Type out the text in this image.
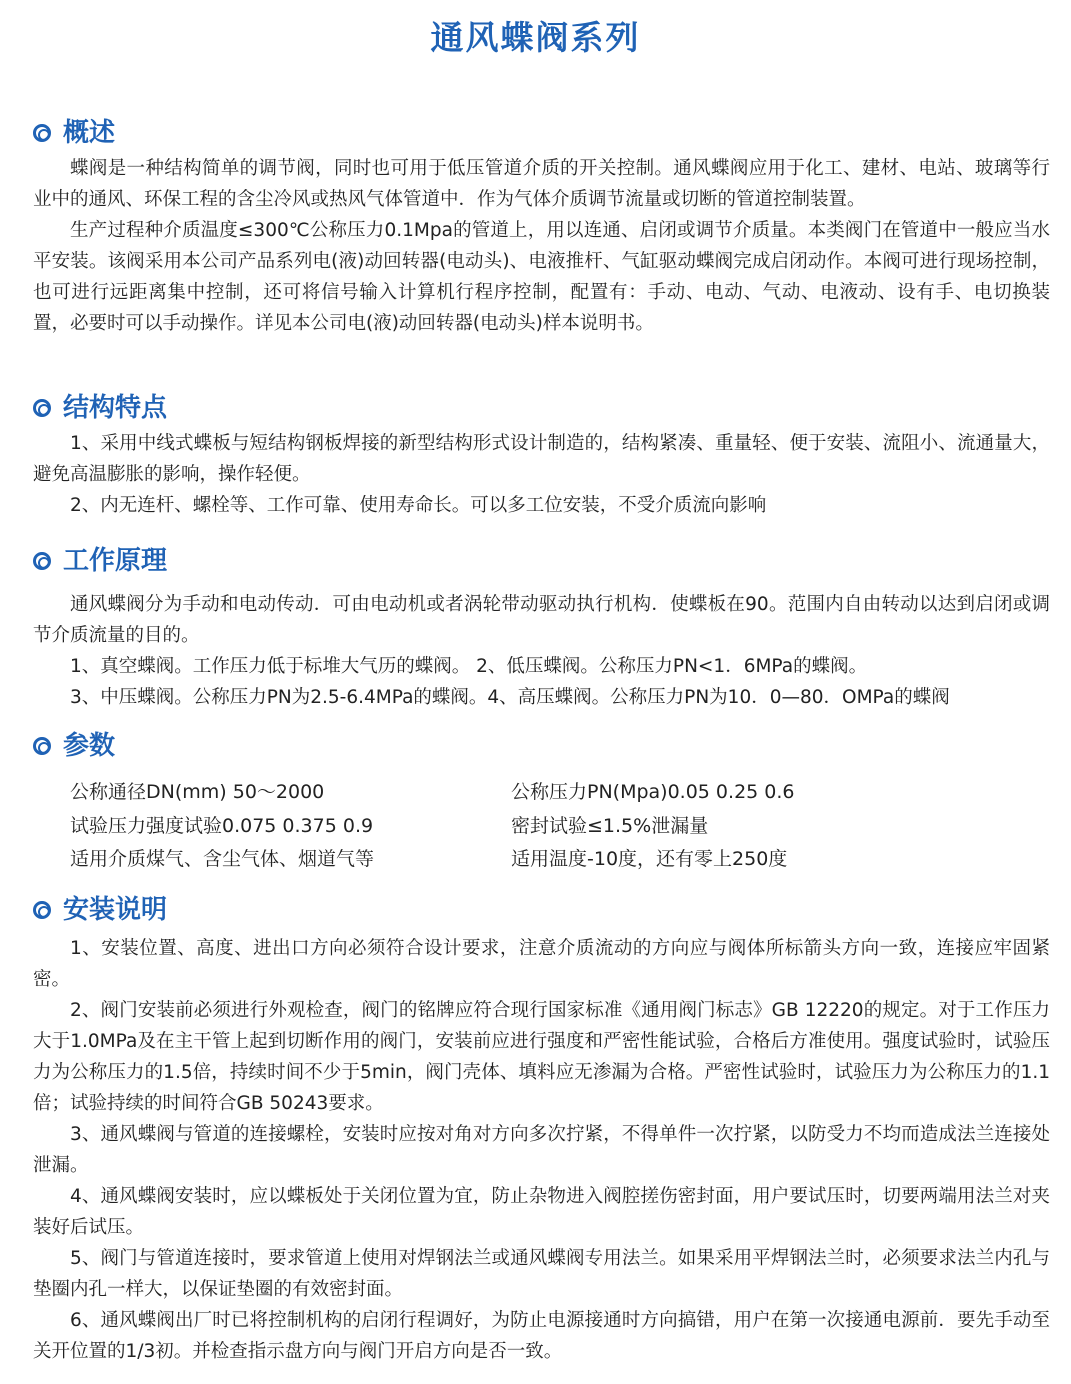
通风蝶阀系列
概述

蝶阀是一种结构简单的调节阀，同时也可用于低压管道介质的开关控制。通风蝶阀应用于化工、建材、电站、玻璃等行业中的通风、环保工程的含尘冷风或热风气体管道中．作为气体介质调节流量或切断的管道控制装置。

生产过程种介质温度≤300℃公称压力0.1Mpa的管道上，用以连通、启闭或调节介质量。本类阀门在管道中一般应当水平安装。该阀采用本公司产品系列电(液)动回转器(电动头)、电液推杆、气缸驱动蝶阀完成启闭动作。本阀可进行现场控制，也可进行远距离集中控制，还可将信号输入计算机行程序控制，配置有：手动、电动、气动、电液动、设有手、电切换装置，必要时可以手动操作。详见本公司电(液)动回转器(电动头)样本说明书。

结构特点

1、采用中线式蝶板与短结构钢板焊接的新型结构形式设计制造的，结构紧凑、重量轻、便于安装、流阻小、流通量大，避免高温膨胀的影响，操作轻便。

2、内无连杆、螺栓等、工作可靠、使用寿命长。可以多工位安装，不受介质流向影响

工作原理

通风蝶阀分为手动和电动传动．可由电动机或者涡轮带动驱动执行机构．使蝶板在90。范围内自由转动以达到启闭或调节介质流量的目的。

1、真空蝶阀。工作压力低于标堆大气历的蝶阀。 2、低压蝶阀。公称压力PN<1．6MPa的蝶阀。

3、中压蝶阀。公称压力PN为2.5-6.4MPa的蝶阀。4、高压蝶阀。公称压力PN为10．0—80．OMPa的蝶阀

参数
公称通径DN(mm) 50～2000	公称压力PN(Mpa)0.05 0.25 0.6
试验压力强度试验0.075 0.375 0.9	密封试验≤1.5%泄漏量
适用介质煤气、含尘气体、烟道气等	适用温度-10度，还有零上250度
安装说明

1、安装位置、高度、进出口方向必须符合设计要求，注意介质流动的方向应与阀体所标箭头方向一致，连接应牢固紧密。

2、阀门安装前必须进行外观检查，阀门的铭牌应符合现行国家标准《通用阀门标志》GB 12220的规定。对于工作压力大于1.0MPa及在主干管上起到切断作用的阀门，安装前应进行强度和严密性能试验，合格后方准使用。强度试验时，试验压力为公称压力的1.5倍，持续时间不少于5min，阀门壳体、填料应无渗漏为合格。严密性试验时，试验压力为公称压力的1.1倍；试验持续的时间符合GB 50243要求。

3、通风蝶阀与管道的连接螺栓，安装时应按对角对方向多次拧紧，不得单件一次拧紧，以防受力不均而造成法兰连接处泄漏。

4、通风蝶阀安装时，应以蝶板处于关闭位置为宜，防止杂物进入阀腔搓伤密封面，用户要试压时，切要两端用法兰对夹装好后试压。

5、阀门与管道连接时，要求管道上使用对焊钢法兰或通风蝶阀专用法兰。如果采用平焊钢法兰时，必须要求法兰内孔与垫圈内孔一样大，以保证垫圈的有效密封面。

6、通风蝶阀出厂时已将控制机构的启闭行程调好，为防止电源接通时方向搞错，用户在第一次接通电源前．要先手动至关开位置的1/3初。并检查指示盘方向与阀门开启方向是否一致。
